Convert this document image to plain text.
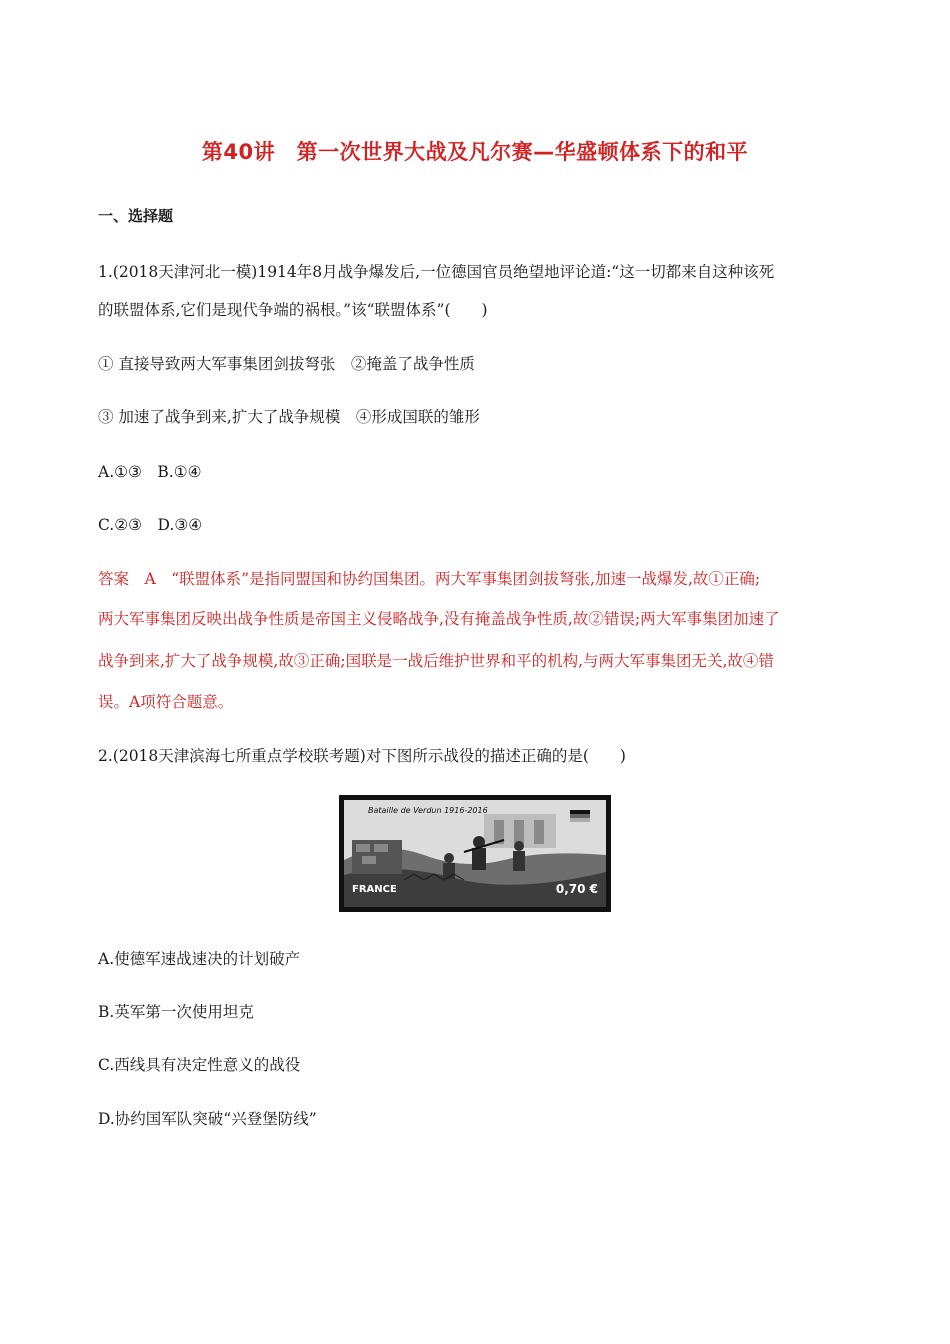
第40讲　第一次世界大战及凡尔赛—华盛顿体系下的和平
一、选择题
1.(2018天津河北一模)1914年8月战争爆发后,一位德国官员绝望地评论道:“这一切都来自这种该死
的联盟体系,它们是现代争端的祸根。”该“联盟体系”(　　)
① 直接导致两大军事集团剑拔弩张　②掩盖了战争性质
③ 加速了战争到来,扩大了战争规模　④形成国联的雏形
A.①③　B.①④
C.②③　D.③④
答案　A　“联盟体系”是指同盟国和协约国集团。两大军事集团剑拔弩张,加速一战爆发,故①正确;
两大军事集团反映出战争性质是帝国主义侵略战争,没有掩盖战争性质,故②错误;两大军事集团加速了
战争到来,扩大了战争规模,故③正确;国联是一战后维护世界和平的机构,与两大军事集团无关,故④错
误。A项符合题意。
2.(2018天津滨海七所重点学校联考题)对下图所示战役的描述正确的是(　　)
Bataille de Verdun 1916-2016
FRANCE	0,70 €
A.使德军速战速决的计划破产
B.英军第一次使用坦克
C.西线具有决定性意义的战役
D.协约国军队突破“兴登堡防线”
